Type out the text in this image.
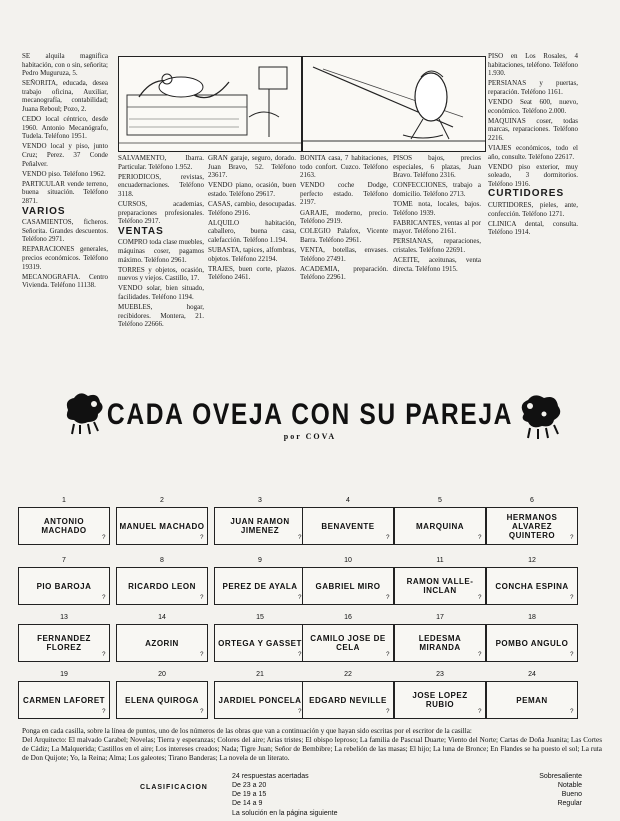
SE alquila magnifica habitación, con o sin, señorita; Pedro Muguruza, 5.

SEÑORITA, educada, desea trabajo oficina, Auxiliar, mecanografía, contabilidad; Juana Reboul; Pozo, 2.

CEDO local céntrico, desde 1960. Antonio Mecanógrafo, Tudela. Teléfono 1951.

VENDO local y piso, junto Cruz; Perez. 37 Conde Peñalver.

VENDO piso. Teléfono 1962.

PARTICULAR vende terreno, buena situación. Teléfono 2871.

VARIOS

CASAMIENTOS, ficheros. Señorita. Grandes descuentos. Teléfono 2971.

REPARACIONES generales, precios económicos. Teléfono 19319.

MECANOGRAFIA. Centro Vivienda. Teléfono 11138.

SALVAMENTO, Ibarra. Particular. Teléfono 1.952.

PERIODICOS, revistas, encuadernaciones. Teléfono 3118.

CURSOS, academias, preparaciones profesionales. Teléfono 2917.

VENTAS

COMPRO toda clase muebles, máquinas coser, pagamos máximo. Teléfono 2961.

TORRES y objetos, ocasión, nuevos y viejos. Castillo, 17.

VENDO solar, bien situado, facilidades. Teléfono 1194.

MUEBLES, hogar, recibidores. Montera, 21. Teléfono 22666.

GRAN garaje, seguro, dorado. Juan Bravo, 52. Teléfono 23617.

VENDO piano, ocasión, buen estado. Teléfono 29617.

CASAS, cambio, desocupadas. Teléfono 2916.

ALQUILO habitación, caballero, buena casa, calefacción. Teléfono 1.194.

SUBASTA, tapices, alfombras, objetos. Teléfono 22194.

TRAJES, buen corte, plazos. Teléfono 2461.

BONITA casa, 7 habitaciones, todo confort. Cuzco. Teléfono 2163.

VENDO coche Dodge, perfecto estado. Teléfono 2197.

GARAJE, moderno, precio. Teléfono 2919.

COLEGIO Palafox, Vicente Barra. Teléfono 2961.

VENTA, botellas, envases. Teléfono 27491.

ACADEMIA, preparación. Teléfono 22961.

PISOS bajos, precios especiales, 6 plazas, Juan Bravo. Teléfono 2316.

CONFECCIONES, trabajo a domicilio. Teléfono 2713.

TOME nota, locales, bajos. Teléfono 1939.

FABRICANTES, ventas al por mayor. Teléfono 2161.

PERSIANAS, reparaciones, cristales. Teléfono 22691.

ACEITE, aceitunas, venta directa. Teléfono 1915.

PISO en Los Rosales, 4 habitaciones, teléfono. Teléfono 1.930.

PERSIANAS y puertas, reparación. Teléfono 1161.

VENDO Seat 600, nuevo, económico. Teléfono 2.000.

MAQUINAS coser, todas marcas, reparaciones. Teléfono 2216.

VIAJES económicos, todo el año, consulte. Teléfono 22617.

VENDO piso exterior, muy soleado, 3 dormitorios. Teléfono 1916.

CURTIDORES

CURTIDORES, pieles, ante, confección. Teléfono 1271.

CLINICA dental, consulta. Teléfono 1914.

CADA OVEJA CON SU PAREJA
por COVA
1
ANTONIO MACHADO
?
2
MANUEL MACHADO
?
3
JUAN RAMON JIMENEZ
?
4
BENAVENTE
?
5
MARQUINA
?
6
HERMANOS ALVAREZ QUINTERO	?
7
PIO BAROJA
?
8
RICARDO LEON
?
9
PEREZ DE AYALA
?
10
GABRIEL MIRO
?
11
RAMON VALLE-INCLAN
?
12
CONCHA ESPINA
?
13
FERNANDEZ FLOREZ
?
14
AZORIN
?
15
ORTEGA Y GASSET
?
16
CAMILO JOSE DE CELA
?
17
LEDESMA MIRANDA
?
18
POMBO ANGULO
?
19
CARMEN LAFORET
?
20
ELENA QUIROGA
?
21
JARDIEL PONCELA
?
22
EDGARD NEVILLE
?
23
JOSE LOPEZ RUBIO
?
24
PEMAN
?

Ponga en cada casilla, sobre la línea de puntos, uno de los números de las obras que van a continuación y que hayan sido escritas por el escritor de la casilla:

Del Arquitecto: El malvado Carabel; Novelas; Tierra y esperanzas; Colores del aire; Arias tristes; El obispo leproso; La familia de Pascual Duarte; Viento del Norte; Cartas de Doña Juanita; Las Cortes de Cádiz; La Malquerida; Castillos en el aire; Los intereses creados; Nada; Tigre Juan; Señor de Bembibre; La rebelión de las masas; El hijo; La luna de Bronce; En Flandes se ha puesto el sol; La ruta de Don Quijote; Yo, la Reina; Alma; Los galeotes; Tirano Banderas; La novela de un literato.

CLASIFICACION
24 respuestas acertadas	Sobresaliente
De 23 a 20	Notable
De 19 a 15	Bueno
De 14 a 9	Regular
La solución en la página siguiente
